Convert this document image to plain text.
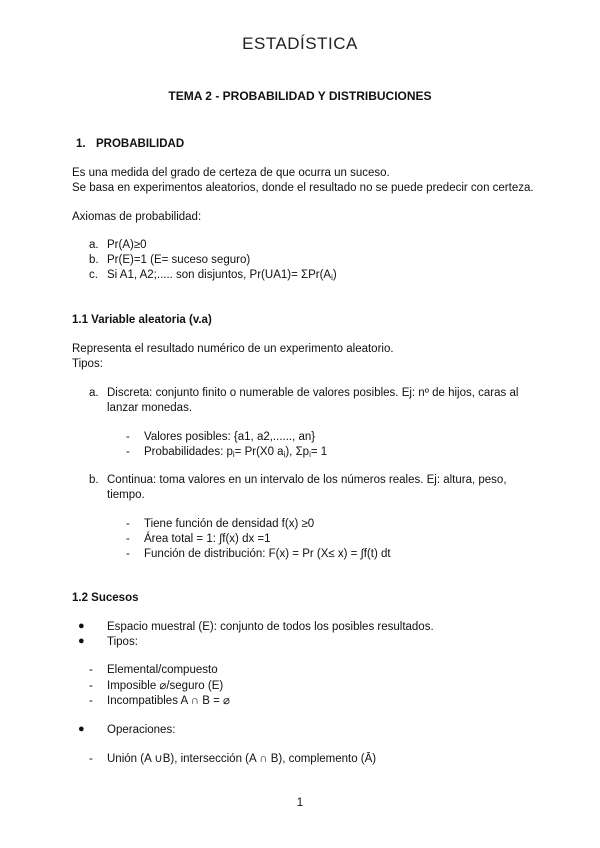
ESTADÍSTICA
TEMA 2 - PROBABILIDAD Y DISTRIBUCIONES
1. PROBABILIDAD
Es una medida del grado de certeza de que ocurra un suceso.
Se basa en experimentos aleatorios, donde el resultado no se puede predecir con certeza.
Axiomas de probabilidad:
a. Pr(A)≥0
b. Pr(E)=1 (E= suceso seguro)
c. Si A1, A2;..... son disjuntos, $Pr(UA1)= \Sigma Pr(A_i)$
1.1 Variable aleatoria (v.a)
Representa el resultado numérico de un experimento aleatorio.
Tipos:
a. Discreta: conjunto finito o numerable de valores posibles. Ej: nº de hijos, caras al
lanzar monedas.
- Valores posibles: {a1, a2,......, an}
- Probabilidades: $p_i= Pr(X0$ $a_i$), $\Sigma p_i= 1$
b. Continua: toma valores en un intervalo de los números reales. Ej: altura, peso,
tiempo.
- Tiene función de densidad f(x) ≥0
- Área total = 1: ∫f(x) dx =1
- Función de distribución: F(x) = Pr (X≤ x) = ∫f(t) dt
1.2 Sucesos
● Espacio muestral (E): conjunto de todos los posibles resultados.
● Tipos:
- Elemental/compuesto
- Imposible ⌀/seguro (E)
- Incompatibles A ∩ B = ⌀
● Operaciones:
- Unión (A ∪B), intersección (A ∩ B), complemento (Ā)
1
